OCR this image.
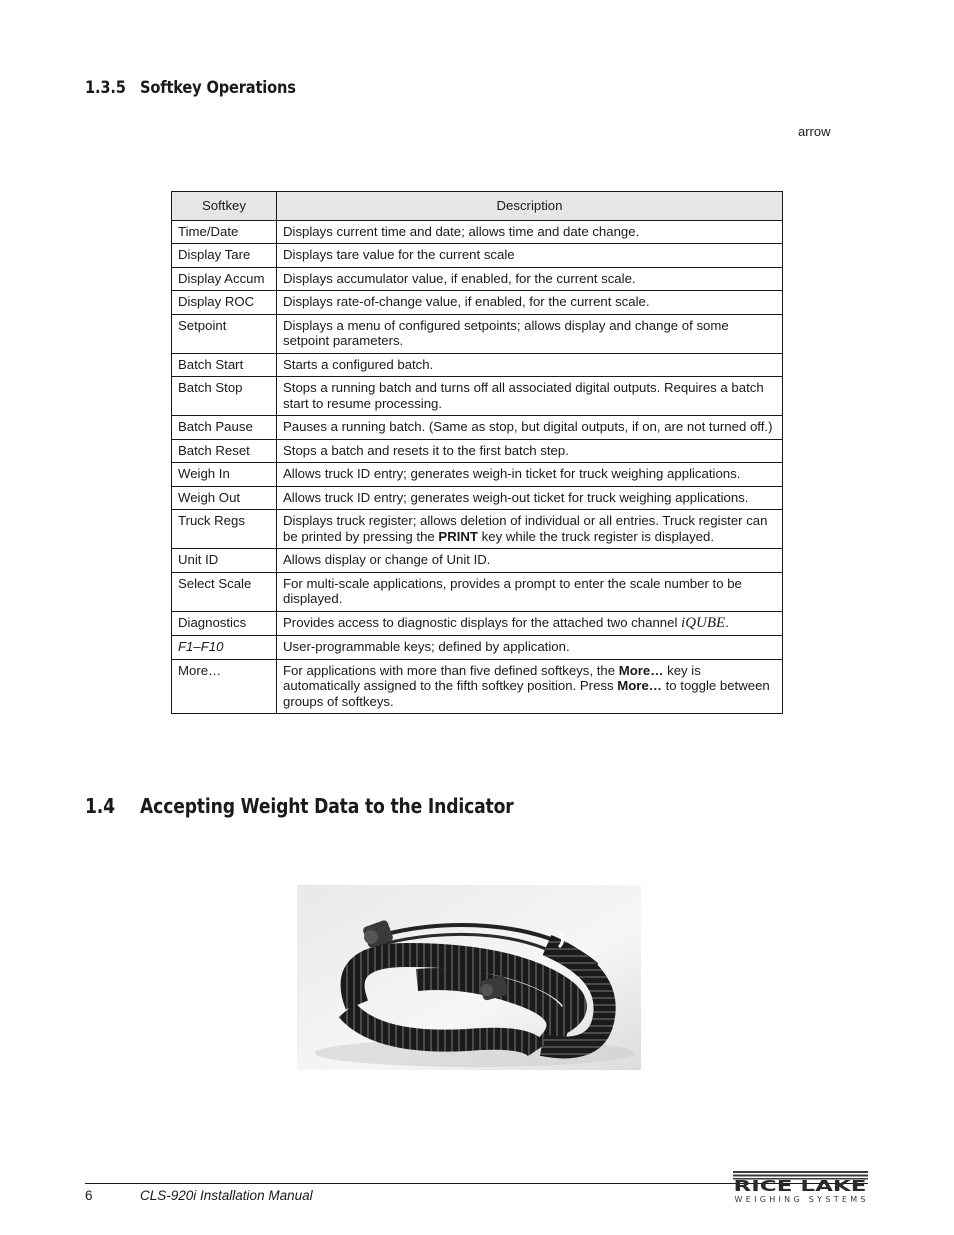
1.3.5 Softkey Operations
arrow
Softkey	Description
Time/Date	Displays current time and date; allows time and date change.
Display Tare	Displays tare value for the current scale
Display Accum	Displays accumulator value, if enabled, for the current scale.
Display ROC	Displays rate-of-change value, if enabled, for the current scale.
Setpoint	Displays a menu of configured setpoints; allows display and change of some setpoint parameters.
Batch Start	Starts a configured batch.
Batch Stop	Stops a running batch and turns off all associated digital outputs. Requires a batch start to resume processing.
Batch Pause	Pauses a running batch. (Same as stop, but digital outputs, if on, are not turned off.)
Batch Reset	Stops a batch and resets it to the first batch step.
Weigh In	Allows truck ID entry; generates weigh-in ticket for truck weighing applications.
Weigh Out	Allows truck ID entry; generates weigh-out ticket for truck weighing applications.
Truck Regs	Displays truck register; allows deletion of individual or all entries. Truck register can be printed by pressing the PRINT key while the truck register is displayed.
Unit ID	Allows display or change of Unit ID.
Select Scale	For multi-scale applications, provides a prompt to enter the scale number to be displayed.
Diagnostics	Provides access to diagnostic displays for the attached two channel iQUBE.
F1–F10	User-programmable keys; defined by application.
More…	For applications with more than five defined softkeys, the More… key is automatically assigned to the fifth softkey position. Press More… to toggle between groups of softkeys.
1.4 Accepting Weight Data to the Indicator
6	CLS-920i Installation Manual
RICE LAKE
WEIGHING SYSTEMS
